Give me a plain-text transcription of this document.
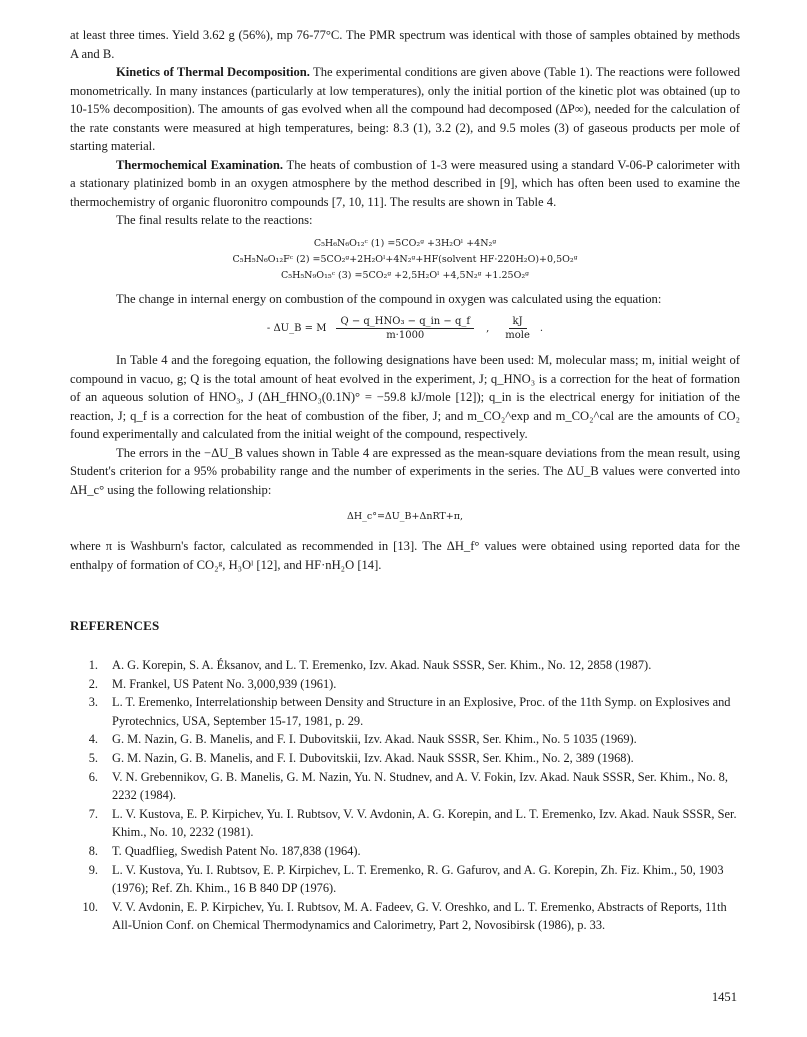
at least three times. Yield 3.62 g (56%), mp 76-77°C. The PMR spectrum was identical with those of samples obtained by methods A and B.

Kinetics of Thermal Decomposition. The experimental conditions are given above (Table 1). The reactions were followed monometrically. In many instances (particularly at low temperatures), only the initial portion of the kinetic plot was obtained (up to 10-15% decomposition). The amounts of gas evolved when all the compound had decomposed (ΔP∞), needed for the calculation of the rate constants were measured at high temperatures, being: 8.3 (1), 3.2 (2), and 9.5 moles (3) of gaseous products per mole of starting material.

Thermochemical Examination. The heats of combustion of 1-3 were measured using a standard V-06-P calorimeter with a stationary platinized bomb in an oxygen atmosphere by the method described in [9], which has often been used to examine the thermochemistry of organic fluoronitro compounds [7, 10, 11]. The results are shown in Table 4.

The final results relate to the reactions:

C₅H₆N₆O₁₂ᶜ (1) =5CO₂ᵍ +3H₂Oˡ +4N₂ᵍ

C₅H₅N₆O₁₂Fᶜ (2) =5CO₂ᵍ+2H₂Oˡ+4N₂ᵍ+HF(solvent HF·220H₂O)+0,5O₂ᵍ

C₅H₅N₉O₁₅ᶜ (3) =5CO₂ᵍ +2,5H₂Oˡ +4,5N₂ᵍ +1.25O₂ᵍ

The change in internal energy on combustion of the compound in oxygen was calculated using the equation:

- ΔU_B = M $\frac{\text{Q − q\_HNO₃ − q\_in − q\_f}}{m\cdot 1000}$ , $\frac{kJ}{\text{mole}}$ .

In Table 4 and the foregoing equation, the following designations have been used: M, molecular mass; m, initial weight of compound in vacuo, g; Q is the total amount of heat evolved in the experiment, J; q_HNO₃ is a correction for the heat of formation of an aqueous solution of HNO₃, J (ΔH_fHNO₃(0.1N)° = −59.8 kJ/mole [12]); q_in is the electrical energy for initiation of the reaction, J; q_f is a correction for the heat of combustion of the fiber, J; and m_CO₂^exp and m_CO₂^cal are the amounts of CO₂ found experimentally and calculated from the initial weight of the compound, respectively.

The errors in the −ΔU_B values shown in Table 4 are expressed as the mean-square deviations from the mean result, using Student's criterion for a 95% probability range and the number of experiments in the series. The ΔU_B values were converted into ΔH_c° using the following relationship:

ΔH_c°=ΔU_B+ΔnRT+π,

where π is Washburn's factor, calculated as recommended in [13]. The ΔH_f° values were obtained using reported data for the enthalpy of formation of CO₂ᵍ, H₃Oˡ [12], and HF·nH₂O [14].

REFERENCES
1.	A. G. Korepin, S. A. Éksanov, and L. T. Eremenko, Izv. Akad. Nauk SSSR, Ser. Khim., No. 12, 2858 (1987).
2.	M. Frankel, US Patent No. 3,000,939 (1961).
3.	L. T. Eremenko, Interrelationship between Density and Structure in an Explosive, Proc. of the 11th Symp. on Explosives and Pyrotechnics, USA, September 15-17, 1981, p. 29.
4.	G. M. Nazin, G. B. Manelis, and F. I. Dubovitskii, Izv. Akad. Nauk SSSR, Ser. Khim., No. 5 1035 (1969).
5.	G. M. Nazin, G. B. Manelis, and F. I. Dubovitskii, Izv. Akad. Nauk SSSR, Ser. Khim., No. 2, 389 (1968).
6.	V. N. Grebennikov, G. B. Manelis, G. M. Nazin, Yu. N. Studnev, and A. V. Fokin, Izv. Akad. Nauk SSSR, Ser. Khim., No. 8, 2232 (1984).
7.	L. V. Kustova, E. P. Kirpichev, Yu. I. Rubtsov, V. V. Avdonin, A. G. Korepin, and L. T. Eremenko, Izv. Akad. Nauk SSSR, Ser. Khim., No. 10, 2232 (1981).
8.	T. Quadflieg, Swedish Patent No. 187,838 (1964).
9.	L. V. Kustova, Yu. I. Rubtsov, E. P. Kirpichev, L. T. Eremenko, R. G. Gafurov, and A. G. Korepin, Zh. Fiz. Khim., 50, 1903 (1976); Ref. Zh. Khim., 16 B 840 DP (1976).
10.	V. V. Avdonin, E. P. Kirpichev, Yu. I. Rubtsov, M. A. Fadeev, G. V. Oreshko, and L. T. Eremenko, Abstracts of Reports, 11th All-Union Conf. on Chemical Thermodynamics and Calorimetry, Part 2, Novosibirsk (1986), p. 33.
1451
